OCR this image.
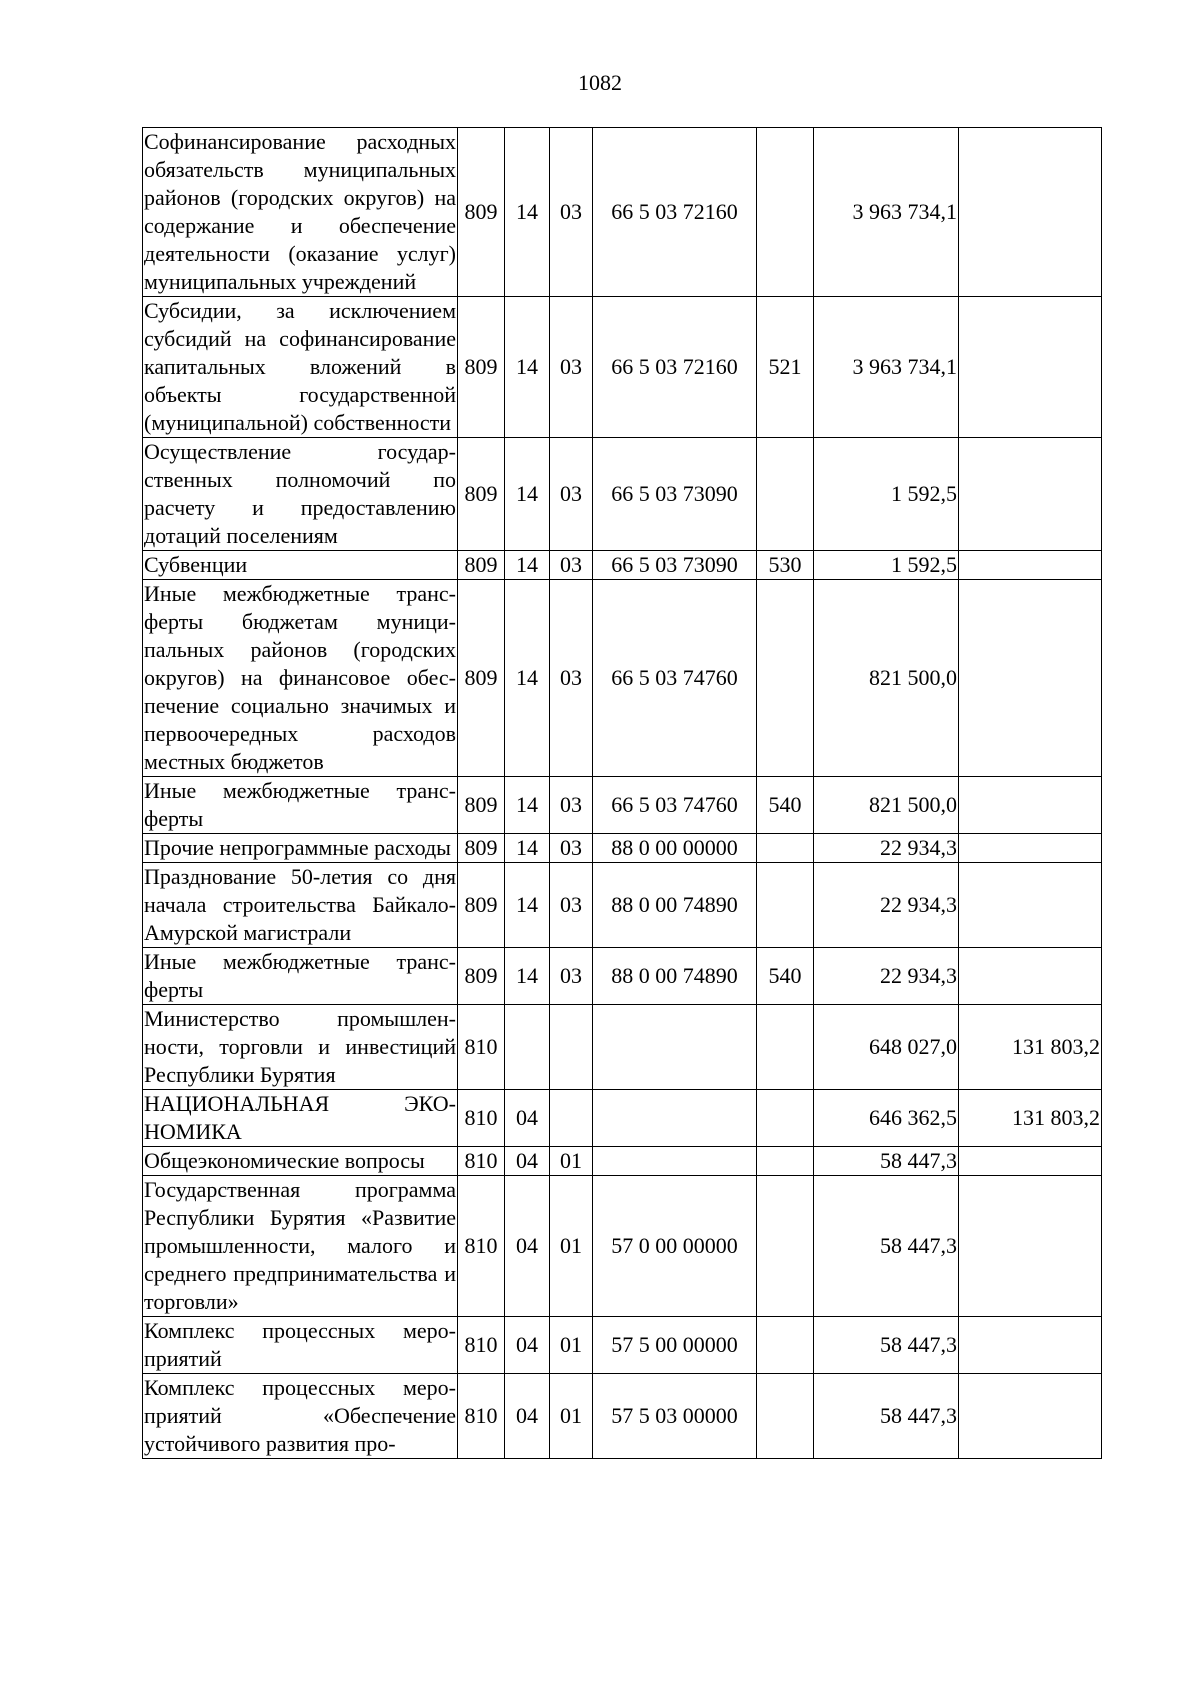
1082
Софинансирование расходных обязательств муниципальных районов (городских округов) на содержание и обеспечение деятельности (оказание услуг) муниципальных учреждений	809	14	03	66 5 03 72160		3 963 734,1	
Субсидии, за исключением субсидий на софинансирование капитальных вложений в объекты государственной (муниципальной) собственности	809	14	03	66 5 03 72160	521	3 963 734,1	
Осуществление государственных полномочий по расчету и предоставлению дотаций поселениям	809	14	03	66 5 03 73090		1 592,5	
Субвенции	809	14	03	66 5 03 73090	530	1 592,5	
Иные межбюджетные трансферты бюджетам муниципальных районов (городских округов) на финансовое обеспечение социально значимых и первоочередных расходов местных бюджетов	809	14	03	66 5 03 74760		821 500,0	
Иные межбюджетные трансферты	809	14	03	66 5 03 74760	540	821 500,0	
Прочие непрограммные расходы	809	14	03	88 0 00 00000		22 934,3	
Празднование 50-летия со дня начала строительства Байкало-Амурской магистрали	809	14	03	88 0 00 74890		22 934,3	
Иные межбюджетные трансферты	809	14	03	88 0 00 74890	540	22 934,3	
Министерство промышленности, торговли и инвестиций Республики Бурятия	810					648 027,0	131 803,2
НАЦИОНАЛЬНАЯ ЭКОНОМИКА	810	04				646 362,5	131 803,2
Общеэкономические вопросы	810	04	01			58 447,3	
Государственная программа Республики Бурятия «Развитие промышленности, малого и среднего предпринимательства и торговли»	810	04	01	57 0 00 00000		58 447,3	
Комплекс процессных мероприятий	810	04	01	57 5 00 00000		58 447,3	
Комплекс процессных мероприятий «Обеспечение устойчивого развития про-	810	04	01	57 5 03 00000		58 447,3	
